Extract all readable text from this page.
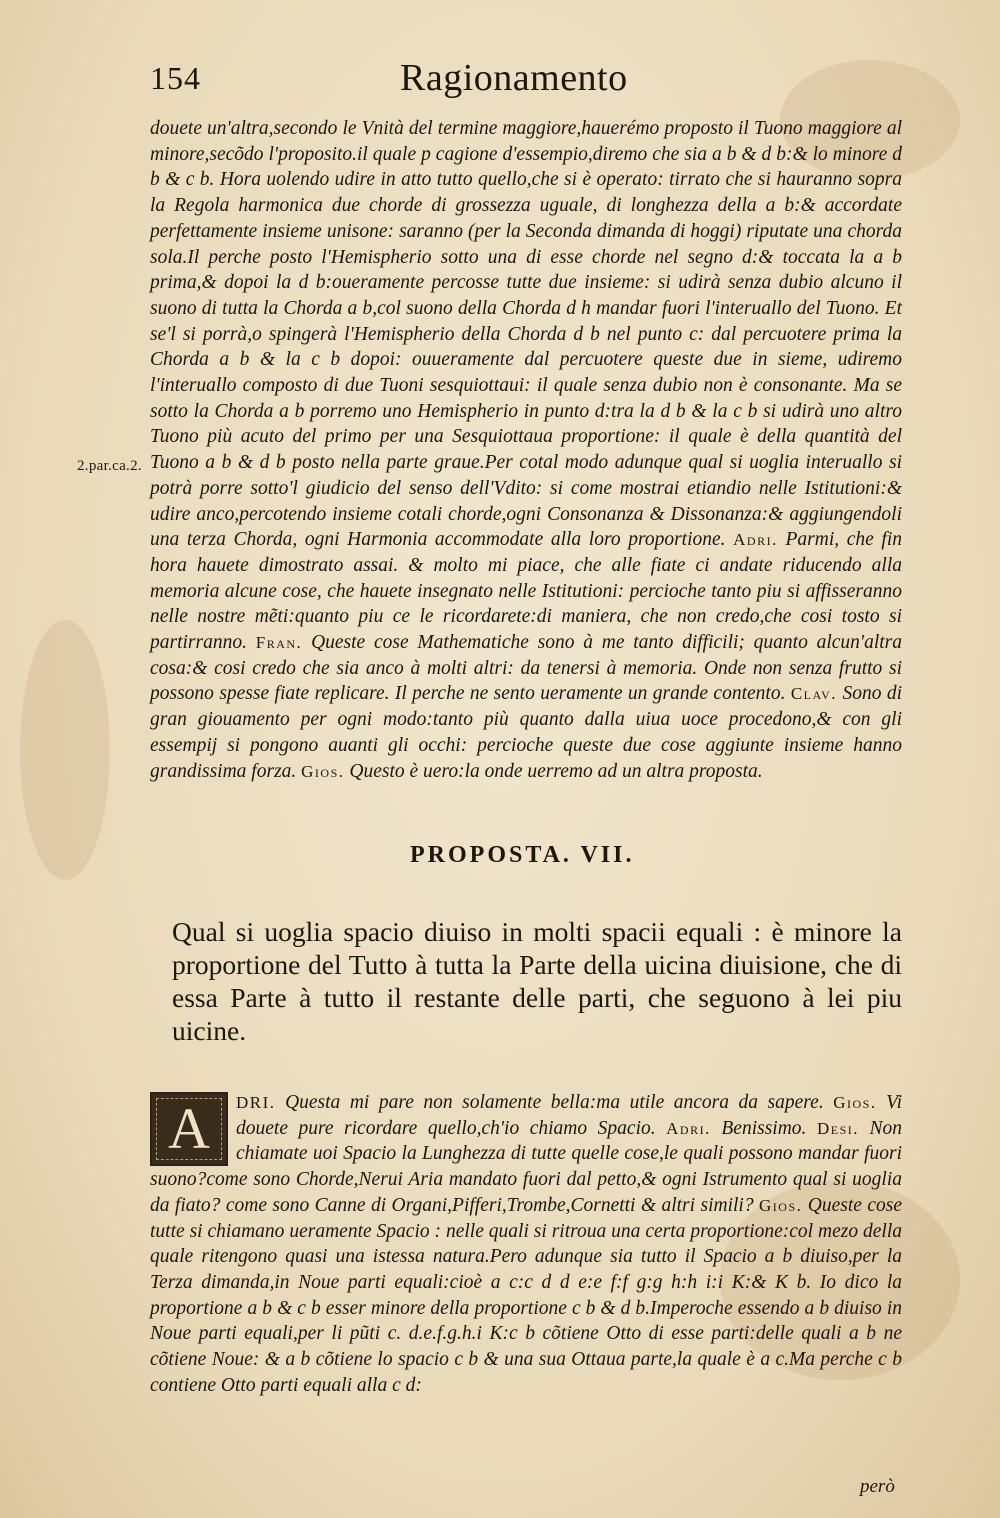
154	Ragionamento
2.par.ca.2.

douete un'altra,secondo le Vnità del termine maggiore,hauerémo proposto il Tuono maggiore al minore,secõdo l'proposito.il quale p cagione d'essempio,diremo che sia a b & d b:& lo minore d b & c b. Hora uolendo udire in atto tutto quello,che si è operato: tirrato che si hauranno sopra la Regola harmonica due chorde di grossezza uguale, di longhezza della a b:& accordate perfettamente insieme unisone: saranno (per la Seconda dimanda di hoggi) riputate una chorda sola.Il perche posto l'Hemispherio sotto una di esse chorde nel segno d:& toccata la a b prima,& dopoi la d b:oueramente percosse tutte due insieme: si udirà senza dubio alcuno il suono di tutta la Chorda a b,col suono della Chorda d h mandar fuori l'interuallo del Tuono. Et se'l si porrà,o spingerà l'Hemispherio della Chorda d b nel punto c: dal percuotere prima la Chorda a b & la c b dopoi: ouueramente dal percuotere queste due in sieme, udiremo l'interuallo composto di due Tuoni sesquiottaui: il quale senza dubio non è consonante. Ma se sotto la Chorda a b porremo uno Hemispherio in punto d:tra la d b & la c b si udirà uno altro Tuono più acuto del primo per una Sesquiottaua proportione: il quale è della quantità del Tuono a b & d b posto nella parte graue.Per cotal modo adunque qual si uoglia interuallo si potrà porre sotto'l giudicio del senso dell'Vdito: si come mostrai etiandio nelle Istitutioni:& udire anco,percotendo insieme cotali chorde,ogni Consonanza & Dissonanza:& aggiungendoli una terza Chorda, ogni Harmonia accommodate alla loro proportione. Adri. Parmi, che fin hora hauete dimostrato assai. & molto mi piace, che alle fiate ci andate riducendo alla memoria alcune cose, che hauete insegnato nelle Istitutioni: percioche tanto piu si affisseranno nelle nostre mẽti:quanto piu ce le ricordarete:di maniera, che non credo,che cosi tosto si partirranno. Fran. Queste cose Mathematiche sono à me tanto difficili; quanto alcun'altra cosa:& cosi credo che sia anco à molti altri: da tenersi à memoria. Onde non senza frutto si possono spesse fiate replicare. Il perche ne sento ueramente un grande contento. Clav. Sono di gran giouamento per ogni modo:tanto più quanto dalla uiua uoce procedono,& con gli essempij si pongono auanti gli occhi: percioche queste due cose aggiunte insieme hanno grandissima forza. Gios. Questo è uero:la onde uerremo ad un altra proposta.

PROPOSTA. VII.

Qual si uoglia spacio diuiso in molti spacii equali : è minore la proportione del Tutto à tutta la Parte della uicina diuisione, che di essa Parte à tutto il restante delle parti, che seguono à lei piu uicine.

A	DRI. Questa mi pare non solamente bella:ma utile ancora da sapere. Gios. Vi douete pure ricordare quello,ch'io chiamo Spacio. Adri. Benissimo. Desi. Non chiamate uoi Spacio la Lunghezza di tutte quelle cose,le quali possono mandar fuori suono?come sono Chorde,Nerui Aria mandato fuori dal petto,& ogni Istrumento qual si uoglia da fiato? come sono Canne di Organi,Pifferi,Trombe,Cornetti & altri simili? Gios. Queste cose tutte si chiamano ueramente Spacio : nelle quali si ritroua una certa proportione:col mezo della quale ritengono quasi una istessa natura.Pero adunque sia tutto il Spacio a b diuiso,per la Terza dimanda,in Noue parti equali:cioè a c:c d d e:e f:f g:g h:h i:i K:& K b. Io dico la proportione a b & c b esser minore della proportione c b & d b.Imperoche essendo a b diuiso in Noue parti equali,per li pũti c. d.e.f.g.h.i K:c b cõtiene Otto di esse parti:delle quali a b ne cõtiene Noue: & a b cõtiene lo spacio c b & una sua Ottaua parte,la quale è a c.Ma perche c b contiene Otto parti equali alla c d:

però
